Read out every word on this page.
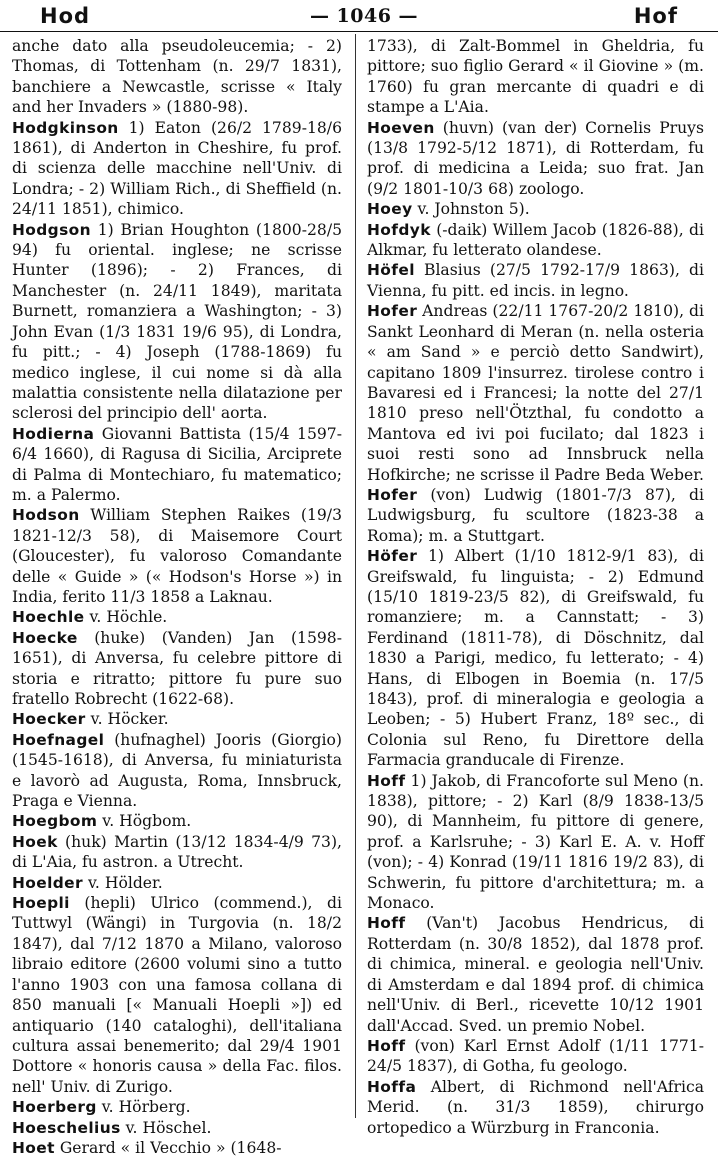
Hod	— 1046 —	Hof

anche dato alla pseudoleucemia; - 2) Thomas, di Tottenham (n. 29/7 1831), banchiere a Newcastle, scrisse « Italy and her Invaders » (1880-98).

Hodgkinson 1) Eaton (26/2 1789-18/6 1861), di Anderton in Cheshire, fu prof. di scienza delle macchine nell'Univ. di Londra; - 2) William Rich., di Sheffield (n. 24/11 1851), chimico.

Hodgson 1) Brian Houghton (1800-28/5 94) fu oriental. inglese; ne scrisse Hunter (1896); - 2) Frances, di Manchester (n. 24/11 1849), maritata Burnett, romanziera a Washington; - 3) John Evan (1/3 1831 19/6 95), di Londra, fu pitt.; - 4) Joseph (1788-1869) fu medico inglese, il cui nome si dà alla malattia consistente nella dilatazione per sclerosi del principio dell' aorta.

Hodierna Giovanni Battista (15/4 1597-6/4 1660), di Ragusa di Sicilia, Arciprete di Palma di Montechiaro, fu matematico; m. a Palermo.

Hodson William Stephen Raikes (19/3 1821-12/3 58), di Maisemore Court (Gloucester), fu valoroso Comandante delle « Guide » (« Hodson's Horse ») in India, ferito 11/3 1858 a Laknau.

Hoechle v. Höchle.

Hoecke (huke) (Vanden) Jan (1598-1651), di Anversa, fu celebre pittore di storia e ritratto; pittore fu pure suo fratello Robrecht (1622-68).

Hoecker v. Höcker.

Hoefnagel (hufnaghel) Jooris (Giorgio) (1545-1618), di Anversa, fu miniaturista e lavorò ad Augusta, Roma, Innsbruck, Praga e Vienna.

Hoegbom v. Högbom.

Hoek (huk) Martin (13/12 1834-4/9 73), di L'Aia, fu astron. a Utrecht.

Hoelder v. Hölder.

Hoepli (hepli) Ulrico (commend.), di Tuttwyl (Wängi) in Turgovia (n. 18/2 1847), dal 7/12 1870 a Milano, valoroso libraio editore (2600 volumi sino a tutto l'anno 1903 con una famosa collana di 850 manuali [« Manuali Hoepli »]) ed antiquario (140 cataloghi), dell'italiana cultura assai benemerito; dal 29/4 1901 Dottore « honoris causa » della Fac. filos. nell' Univ. di Zurigo.

Hoerberg v. Hörberg.

Hoeschelius v. Höschel.

Hoet Gerard « il Vecchio » (1648-

1733), di Zalt-Bommel in Gheldria, fu pittore; suo figlio Gerard « il Giovine » (m. 1760) fu gran mercante di quadri e di stampe a L'Aia.

Hoeven (huvn) (van der) Cornelis Pruys (13/8 1792-5/12 1871), di Rotterdam, fu prof. di medicina a Leida; suo frat. Jan (9/2 1801-10/3 68) zoologo.

Hoey v. Johnston 5).

Hofdyk (-daik) Willem Jacob (1826-88), di Alkmar, fu letterato olandese.

Höfel Blasius (27/5 1792-17/9 1863), di Vienna, fu pitt. ed incis. in legno.

Hofer Andreas (22/11 1767-20/2 1810), di Sankt Leonhard di Meran (n. nella osteria « am Sand » e perciò detto Sandwirt), capitano 1809 l'insurrez. tirolese contro i Bavaresi ed i Francesi; la notte del 27/1 1810 preso nell'Ötzthal, fu condotto a Mantova ed ivi poi fucilato; dal 1823 i suoi resti sono ad Innsbruck nella Hofkirche; ne scrisse il Padre Beda Weber.

Hofer (von) Ludwig (1801-7/3 87), di Ludwigsburg, fu scultore (1823-38 a Roma); m. a Stuttgart.

Höfer 1) Albert (1/10 1812-9/1 83), di Greifswald, fu linguista; - 2) Edmund (15/10 1819-23/5 82), di Greifswald, fu romanziere; m. a Cannstatt; - 3) Ferdinand (1811-78), di Döschnitz, dal 1830 a Parigi, medico, fu letterato; - 4) Hans, di Elbogen in Boemia (n. 17/5 1843), prof. di mineralogia e geologia a Leoben; - 5) Hubert Franz, 18º sec., di Colonia sul Reno, fu Direttore della Farmacia granducale di Firenze.

Hoff 1) Jakob, di Francoforte sul Meno (n. 1838), pittore; - 2) Karl (8/9 1838-13/5 90), di Mannheim, fu pittore di genere, prof. a Karlsruhe; - 3) Karl E. A. v. Hoff (von); - 4) Konrad (19/11 1816 19/2 83), di Schwerin, fu pittore d'architettura; m. a Monaco.

Hoff (Van't) Jacobus Hendricus, di Rotterdam (n. 30/8 1852), dal 1878 prof. di chimica, mineral. e geologia nell'Univ. di Amsterdam e dal 1894 prof. di chimica nell'Univ. di Berl., ricevette 10/12 1901 dall'Accad. Sved. un premio Nobel.

Hoff (von) Karl Ernst Adolf (1/11 1771-24/5 1837), di Gotha, fu geologo.

Hoffa Albert, di Richmond nell'Africa Merid. (n. 31/3 1859), chirurgo ortopedico a Würzburg in Franconia.
